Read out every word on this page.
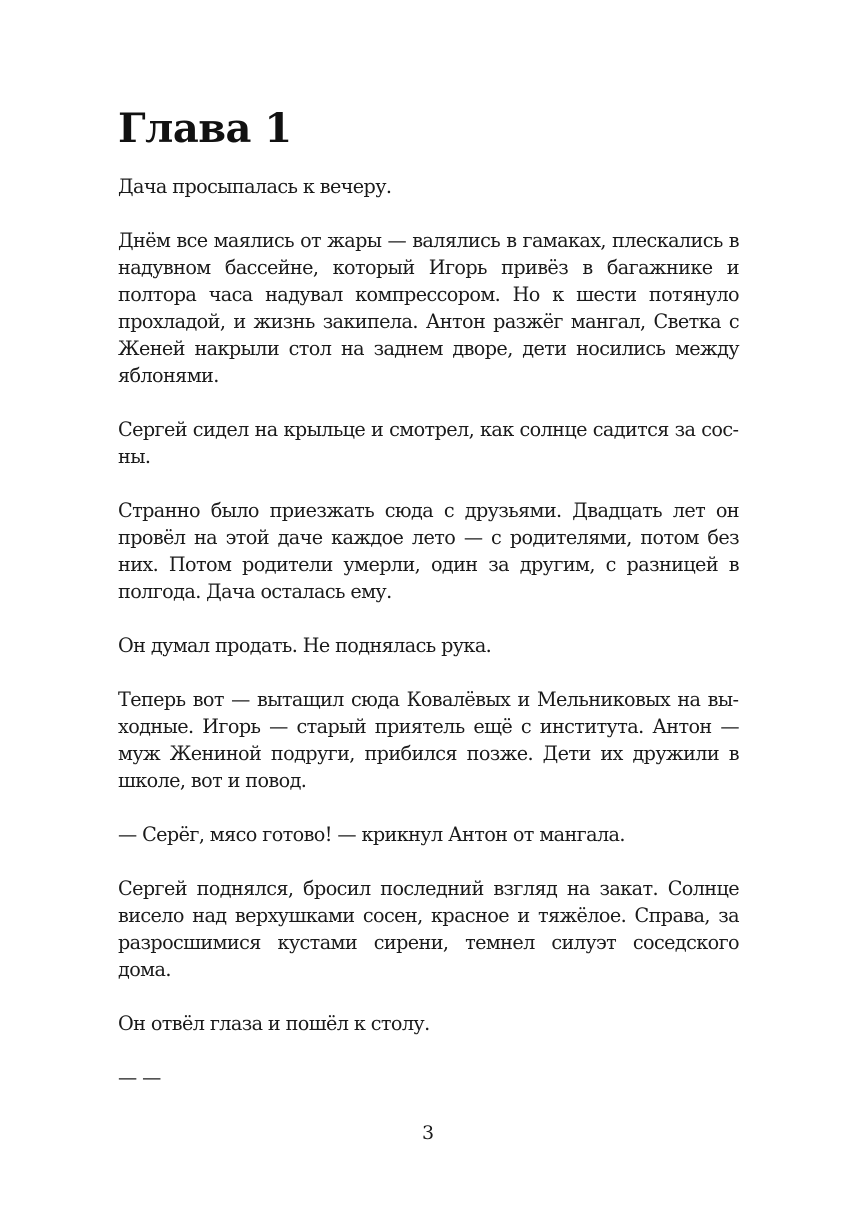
Глава 1

Дача просыпалась к вечеру.

Днём все маялись от жары — валялись в гамаках, плескались в надувном бассейне, который Игорь привёз в багажнике и полтора часа надувал компрессором. Но к шести потянуло прохладой, и жизнь закипела. Антон разжёг мангал, Светка с Женей накрыли стол на заднем дворе, дети носились между яблонями.

Сергей сидел на крыльце и смотрел, как солнце садится за сосны.

Странно было приезжать сюда с друзьями. Двадцать лет он провёл на этой даче каждое лето — с родителями, потом без них. Потом родители умерли, один за другим, с разницей в полгода. Дача осталась ему.

Он думал продать. Не поднялась рука.

Теперь вот — вытащил сюда Ковалёвых и Мельниковых на выходные. Игорь — старый приятель ещё с института. Антон — муж Жениной подруги, прибился позже. Дети их дружили в школе, вот и повод.

— Серёг, мясо готово! — крикнул Антон от мангала.

Сергей поднялся, бросил последний взгляд на закат. Солнце висело над верхушками сосен, красное и тяжёлое. Справа, за разросшимися кустами сирени, темнел силуэт соседского дома.

Он отвёл глаза и пошёл к столу.

— —

3
